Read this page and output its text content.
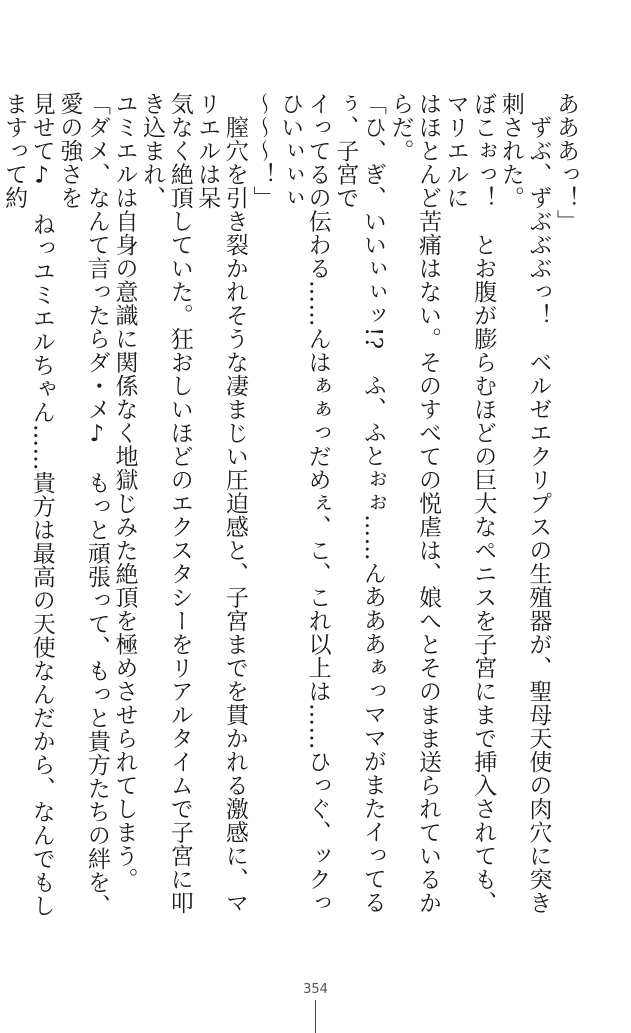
あああっ！」

　ずぶ、ずぶぶぶっ！　ベルゼエクリプスの生殖器が、聖母天使の肉穴に突き刺された。

ぼこぉっ！　とお腹が膨らむほどの巨大なペニスを子宮にまで挿入されても、マリエルに

はほとんど苦痛はない。そのすべての悦虐は、娘へとそのまま送られているからだ。

「ひ、ぎ、いいぃぃッ!?　ふ、ふとぉぉ……んあああぁっママがまたイってるぅ、子宮で

イってるの伝わる……んはぁぁっだめぇ、こ、これ以上は……ひっぐ、ックっひいぃぃぃ

～～～！」

　膣穴を引き裂かれそうな凄まじい圧迫感と、子宮までを貫かれる激感に、マリエルは呆

気なく絶頂していた。狂おしいほどのエクスタシーをリアルタイムで子宮に叩き込まれ、

ユミエルは自身の意識に関係なく地獄じみた絶頂を極めさせられてしまう。

「ダメ、なんて言ったらダ・メ♪　もっと頑張って、もっと貴方たちの絆を、愛の強さを

見せて♪　ねっユミエルちゃん……貴方は最高の天使なんだから、なんでもしますって約

354
